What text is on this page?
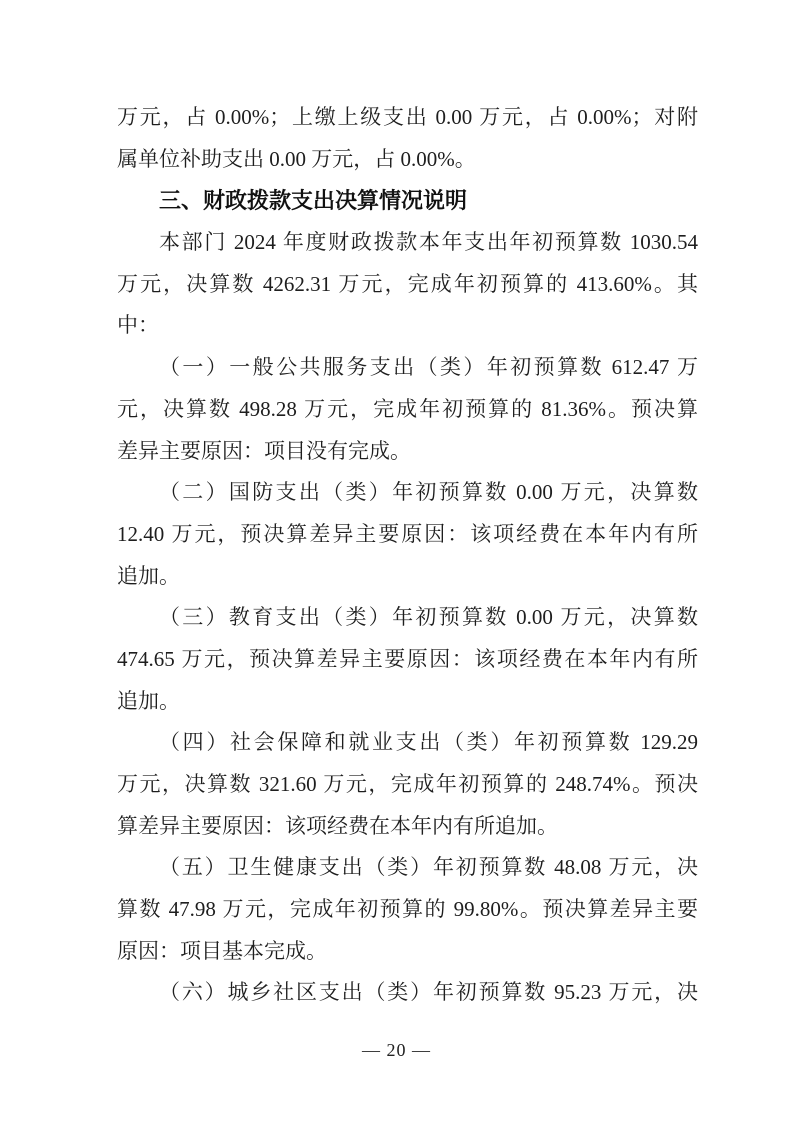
万元，占 0.00%；上缴上级支出 0.00 万元，占 0.00%；对附
属单位补助支出 0.00 万元，占 0.00%。
三、财政拨款支出决算情况说明
本部门 2024 年度财政拨款本年支出年初预算数 1030.54
万元，决算数 4262.31 万元，完成年初预算的 413.60%。其
中：
（一）一般公共服务支出（类）年初预算数 612.47 万
元，决算数 498.28 万元，完成年初预算的 81.36%。预决算
差异主要原因：项目没有完成。
（二）国防支出（类）年初预算数 0.00 万元，决算数
12.40 万元，预决算差异主要原因：该项经费在本年内有所
追加。
（三）教育支出（类）年初预算数 0.00 万元，决算数
474.65 万元，预决算差异主要原因：该项经费在本年内有所
追加。
（四）社会保障和就业支出（类）年初预算数 129.29
万元，决算数 321.60 万元，完成年初预算的 248.74%。预决
算差异主要原因：该项经费在本年内有所追加。
（五）卫生健康支出（类）年初预算数 48.08 万元，决
算数 47.98 万元，完成年初预算的 99.80%。预决算差异主要
原因：项目基本完成。
（六）城乡社区支出（类）年初预算数 95.23 万元，决
— 20 —
